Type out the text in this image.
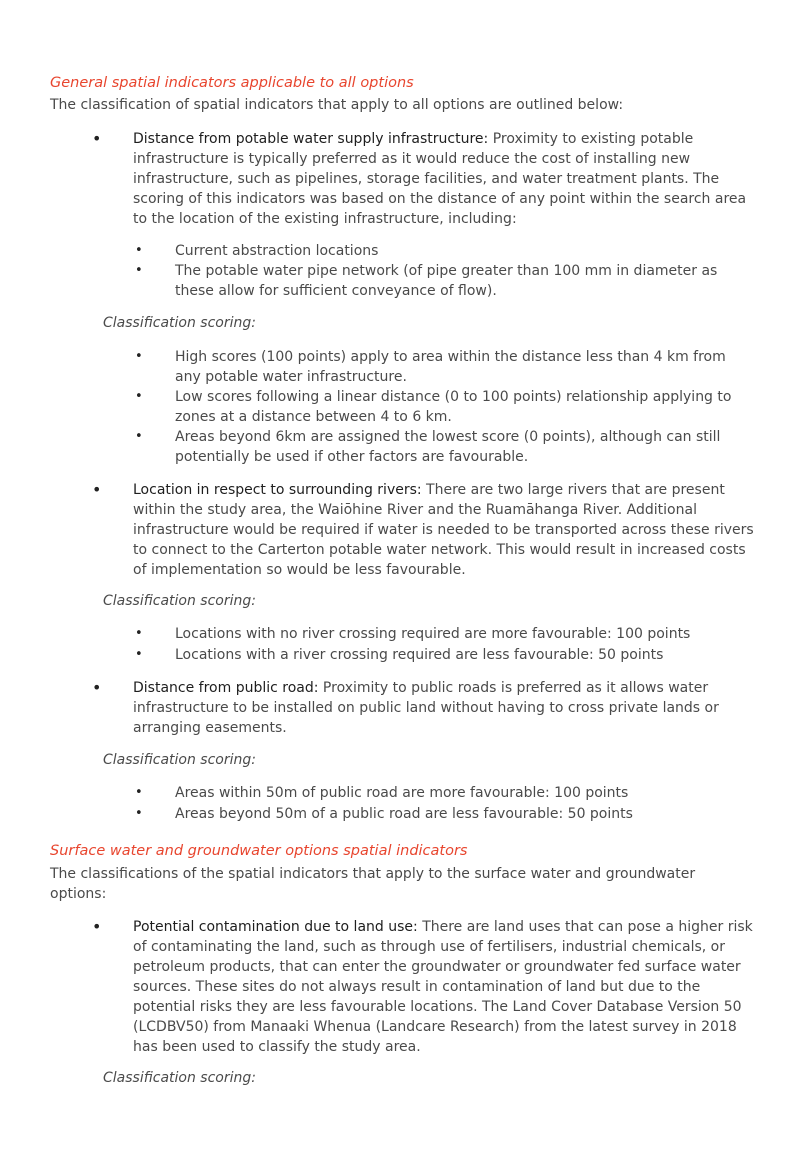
General spatial indicators applicable to all options
The classification of spatial indicators that apply to all options are outlined below:
• Distance from potable water supply infrastructure: Proximity to existing potable infrastructure is typically preferred as it would reduce the cost of installing new infrastructure, such as pipelines, storage facilities, and water treatment plants. The scoring of this indicators was based on the distance of any point within the search area to the location of the existing infrastructure, including:
• Current abstraction locations
• The potable water pipe network (of pipe greater than 100 mm in diameter as these allow for sufficient conveyance of flow).
Classification scoring:
• High scores (100 points) apply to area within the distance less than 4 km from any potable water infrastructure.
• Low scores following a linear distance (0 to 100 points) relationship applying to zones at a distance between 4 to 6 km.
• Areas beyond 6km are assigned the lowest score (0 points), although can still potentially be used if other factors are favourable.
• Location in respect to surrounding rivers: There are two large rivers that are present within the study area, the Waiōhine River and the Ruamāhanga River. Additional infrastructure would be required if water is needed to be transported across these rivers to connect to the Carterton potable water network. This would result in increased costs of implementation so would be less favourable.
Classification scoring:
• Locations with no river crossing required are more favourable: 100 points
• Locations with a river crossing required are less favourable: 50 points
• Distance from public road: Proximity to public roads is preferred as it allows water infrastructure to be installed on public land without having to cross private lands or arranging easements.
Classification scoring:
• Areas within 50m of public road are more favourable: 100 points
• Areas beyond 50m of a public road are less favourable: 50 points
Surface water and groundwater options spatial indicators
The classifications of the spatial indicators that apply to the surface water and groundwater options:
• Potential contamination due to land use: There are land uses that can pose a higher risk of contaminating the land, such as through use of fertilisers, industrial chemicals, or petroleum products, that can enter the groundwater or groundwater fed surface water sources. These sites do not always result in contamination of land but due to the potential risks they are less favourable locations. The Land Cover Database Version 50 (LCDBV50) from Manaaki Whenua (Landcare Research) from the latest survey in 2018 has been used to classify the study area.
Classification scoring:
